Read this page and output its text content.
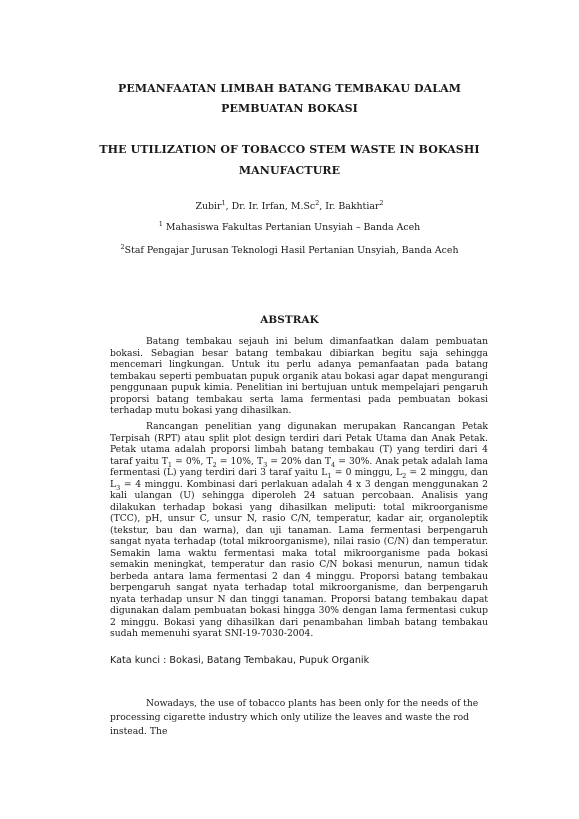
PEMANFAATAN LIMBAH BATANG TEMBAKAU DALAM
PEMBUATAN BOKASI
THE UTILIZATION OF TOBACCO STEM WASTE IN BOKASHI
MANUFACTURE
Zubir$^1$, Dr. Ir. Irfan, M.Sc$^2$, Ir. Bakhtiar$^2$
$^1$ Mahasiswa Fakultas Pertanian Unsyiah – Banda Aceh
$^2$Staf Pengajar Jurusan Teknologi Hasil Pertanian Unsyiah, Banda Aceh
ABSTRAK

Batang tembakau sejauh ini belum dimanfaatkan dalam pembuatan bokasi. Sebagian besar batang tembakau dibiarkan begitu saja sehingga mencemari lingkungan. Untuk itu perlu adanya pemanfaatan pada batang tembakau seperti pembuatan pupuk organik atau bokasi agar dapat mengurangi penggunaan pupuk kimia. Penelitian ini bertujuan untuk mempelajari pengaruh proporsi batang tembakau serta lama fermentasi pada pembuatan bokasi terhadap mutu bokasi yang dihasilkan.

Rancangan penelitian yang digunakan merupakan Rancangan Petak Terpisah (RPT) atau split plot design terdiri dari Petak Utama dan Anak Petak. Petak utama adalah proporsi limbah batang tembakau (T) yang terdiri dari 4 taraf yaitu $T_1 = 0\%$, $T_2 = 10\%$, $T_3 = 20\%$ dan $T_4 = 30\%$. Anak petak adalah lama fermentasi (L) yang terdiri dari 3 taraf yaitu $L_1 = 0$ minggu, $L_2 = 2$ minggu, dan $L_3 = 4$ minggu. Kombinasi dari perlakuan adalah 4 x 3 dengan menggunakan 2 kali ulangan (U) sehingga diperoleh 24 satuan percobaan. Analisis yang dilakukan terhadap bokasi yang dihasilkan meliputi: total mikroorganisme (TCC), pH, unsur C, unsur N, rasio C/N, temperatur, kadar air, organoleptik (tekstur, bau dan warna), dan uji tanaman. Lama fermentasi berpengaruh sangat nyata terhadap (total mikroorganisme), nilai rasio (C/N) dan temperatur. Semakin lama waktu fermentasi maka total mikroorganisme pada bokasi semakin meningkat, temperatur dan rasio C/N bokasi menurun, namun tidak berbeda antara lama fermentasi 2 dan 4 minggu. Proporsi batang tembakau berpengaruh sangat nyata terhadap total mikroorganisme, dan berpengaruh nyata terhadap unsur N dan tinggi tanaman. Proporsi batang tembakau dapat digunakan dalam pembuatan bokasi hingga 30% dengan lama fermentasi cukup 2 minggu. Bokasi yang dihasilkan dari penambahan limbah batang tembakau sudah memenuhi syarat SNI-19-7030-2004.

Kata kunci : Bokasi, Batang Tembakau, Pupuk Organik

Nowadays, the use of tobacco plants has been only for the needs of the processing cigarette industry which only utilize the leaves and waste the rod instead. The
